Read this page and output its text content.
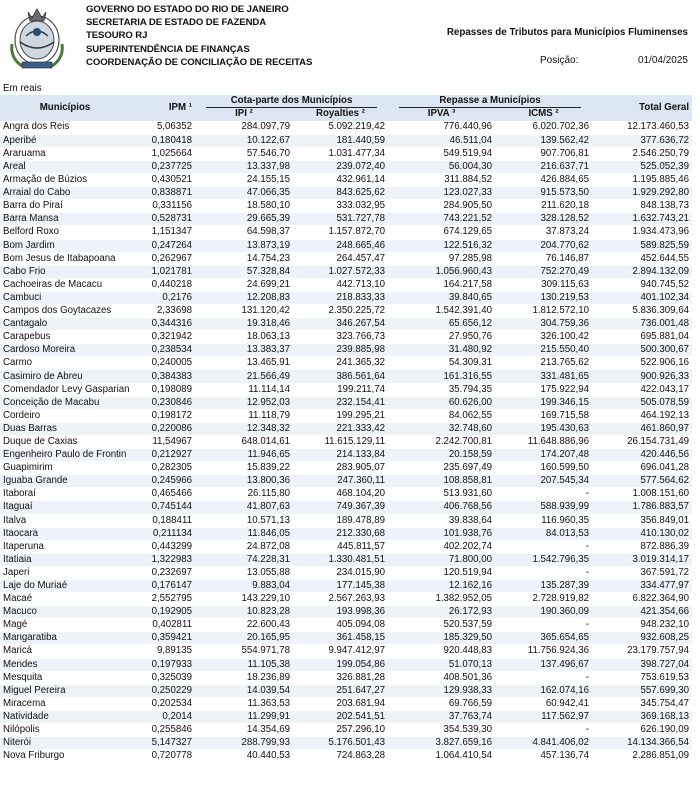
GOVERNO DO ESTADO DO RIO DE JANEIRO
SECRETARIA DE ESTADO DE FAZENDA
TESOURO RJ
SUPERINTENDÊNCIA DE FINANÇAS
COORDENAÇÃO DE CONCILIAÇÃO DE RECEITAS
Repasses de Tributos para Municípios Fluminenses
Posição:	01/04/2025
Em reais
Municípios	IPM ¹	Cota-parte dos Municípios		Repasse a Municípios		Total Geral
		IPI ²	Royalties ²	IPVA ³	ICMS ²	
Angra dos Reis	5,06352	284.097,79	5.092.219,42	776.440,96	6.020.702,36	12.173.460,53
Aperibé	0,180418	10.122,67	181.440,59	46.511,04	139.562,42	377.636,72
Araruama	1,025664	57.546,70	1.031.477,34	549.519,94	907.706,81	2.546.250,79
Areal	0,237725	13.337,98	239.072,40	56.004,30	216.637,71	525.052,39
Armação de Búzios	0,430521	24.155,15	432.961,14	311.884,52	426.884,65	1.195.885,46
Arraial do Cabo	0,838871	47.066,35	843.625,62	123.027,33	915.573,50	1.929.292,80
Barra do Piraí	0,331156	18.580,10	333.032,95	284.905,50	211.620,18	848.138,73
Barra Mansa	0,528731	29.665,39	531.727,78	743.221,52	328.128,52	1.632.743,21
Belford Roxo	1,151347	64.598,37	1.157.872,70	674.129,65	37.873,24	1.934.473,96
Bom Jardim	0,247264	13.873,19	248.665,46	122.516,32	204.770,62	589.825,59
Bom Jesus de Itabapoana	0,262967	14.754,23	264.457,47	97.285,98	76.146,87	452.644,55
Cabo Frio	1,021781	57.328,84	1.027.572,33	1.056.960,43	752.270,49	2.894.132,09
Cachoeiras de Macacu	0,440218	24.699,21	442.713,10	164.217,58	309.115,63	940.745,52
Cambuci	0,2176	12.208,83	218.833,33	39.840,65	130.219,53	401.102,34
Campos dos Goytacazes	2,33698	131.120,42	2.350.225,72	1.542.391,40	1.812.572,10	5.836.309,64
Cantagalo	0,344316	19.318,46	346.267,54	65.656,12	304.759,36	736.001,48
Carapebus	0,321942	18.063,13	323.766,73	27.950,76	326.100,42	695.881,04
Cardoso Moreira	0,238534	13.383,37	239.885,98	31.480,92	215.550,40	500.300,67
Carmo	0,240005	13.465,91	241.365,32	54.309,31	213.765,62	522.906,16
Casimiro de Abreu	0,384383	21.566,49	386.561,64	161.316,55	331.481,65	900.926,33
Comendador Levy Gasparian	0,198089	11.114,14	199.211,74	35.794,35	175.922,94	422.043,17
Conceição de Macabu	0,230846	12.952,03	232.154,41	60.626,00	199.346,15	505.078,59
Cordeiro	0,198172	11.118,79	199.295,21	84.062,55	169.715,58	464.192,13
Duas Barras	0,220086	12.348,32	221.333,42	32.748,60	195.430,63	461.860,97
Duque de Caxias	11,54967	648.014,61	11.615.129,11	2.242.700,81	11.648.886,96	26.154.731,49
Engenheiro Paulo de Frontin	0,212927	11.946,65	214.133,84	20.158,59	174.207,48	420.446,56
Guapimirim	0,282305	15.839,22	283.905,07	235.697,49	160.599,50	696.041,28
Iguaba Grande	0,245966	13.800,36	247.360,11	108.858,81	207.545,34	577.564,62
Itaboraí	0,465466	26.115,80	468.104,20	513.931,60	-	1.008.151,60
Itaguaí	0,745144	41.807,63	749.367,39	406.768,56	588.939,99	1.786.883,57
Italva	0,188411	10.571,13	189.478,89	39.838,64	116.960,35	356.849,01
Itaocara	0,211134	11.846,05	212.330,68	101.938,76	84.013,53	410.130,02
Itaperuna	0,443299	24.872,08	445.811,57	402.202,74	-	872.886,39
Itatiaia	1,322983	74.228,31	1.330.481,51	71.800,00	1.542.796,35	3.019.314,17
Japeri	0,232697	13.055,88	234.015,90	120.519,94	-	367.591,72
Laje do Muriaé	0,176147	9.883,04	177.145,38	12.162,16	135.287,39	334.477,97
Macaé	2,552795	143.229,10	2.567.263,93	1.382.952,05	2.728.919,82	6.822.364,90
Macuco	0,192905	10.823,28	193.998,36	26.172,93	190.360,09	421.354,66
Magé	0,402811	22.600,43	405.094,08	520.537,59	-	948.232,10
Mangaratiba	0,359421	20.165,95	361.458,15	185.329,50	365.654,65	932.608,25
Maricá	9,89135	554.971,78	9.947.412,97	920.448,83	11.756.924,36	23.179.757,94
Mendes	0,197933	11.105,38	199.054,86	51.070,13	137.496,67	398.727,04
Mesquita	0,325039	18.236,89	326.881,28	408.501,36	-	753.619,53
Miguel Pereira	0,250229	14.039,54	251.647,27	129.938,33	162.074,16	557.699,30
Miracema	0,202534	11.363,53	203.681,94	69.766,59	60.942,41	345.754,47
Natividade	0,2014	11.299,91	202.541,51	37.763,74	117.562,97	369.168,13
Nilópolis	0,255846	14.354,69	257.296,10	354.539,30	-	626.190,09
Niterói	5,147327	288.799,93	5.176.501,43	3.827.659,16	4.841.406,02	14.134.366,54
Nova Friburgo	0,720778	40.440,53	724.863,28	1.064.410,54	457.136,74	2.286.851,09
